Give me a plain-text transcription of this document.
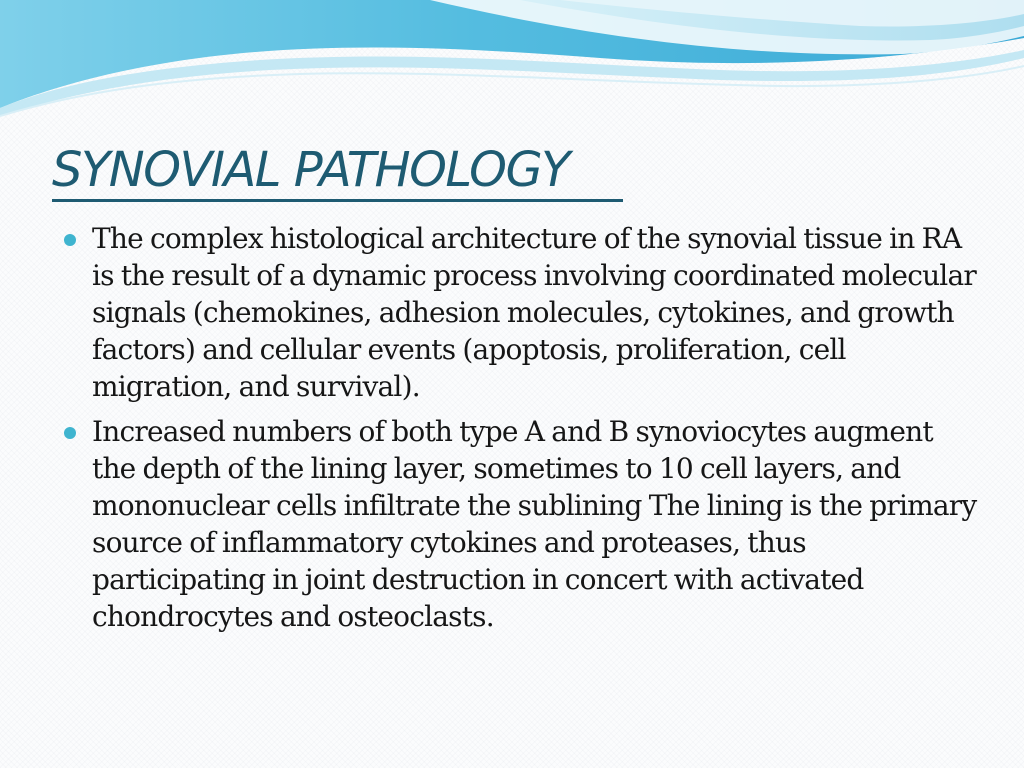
SYNOVIAL PATHOLOGY
The complex histological architecture of the synovial tissue in RA is the result of a dynamic process involving coordinated molecular signals (chemokines, adhesion molecules, cytokines, and growth factors) and cellular events (apoptosis, proliferation, cell migration, and survival).
Increased numbers of both type A and B synoviocytes augment the depth of the lining layer, sometimes to 10 cell layers, and mononuclear cells infiltrate the sublining The lining is the primary source of inflammatory cytokines and proteases, thus participating in joint destruction in concert with activated chondrocytes and osteoclasts.
